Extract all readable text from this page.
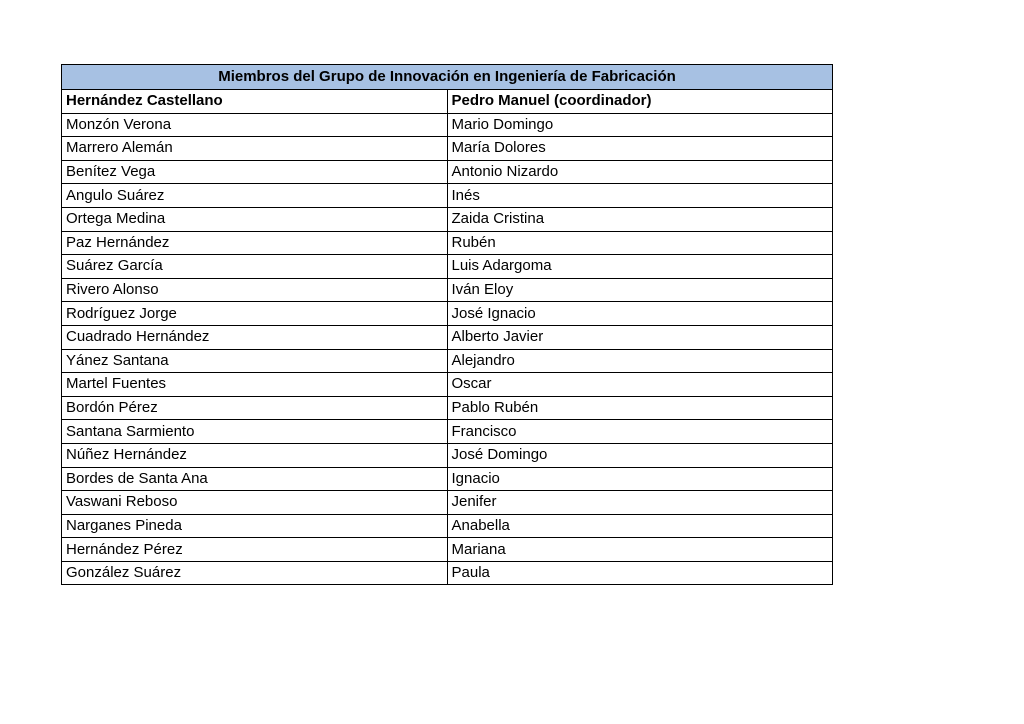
Miembros del Grupo de Innovación en Ingeniería de Fabricación	
Hernández Castellano	Pedro Manuel (coordinador)
Monzón Verona	Mario Domingo
Marrero Alemán	María Dolores
Benítez Vega	Antonio Nizardo
Angulo Suárez	Inés
Ortega Medina	Zaida Cristina
Paz Hernández	Rubén
Suárez García	Luis Adargoma
Rivero Alonso	Iván Eloy
Rodríguez Jorge	José Ignacio
Cuadrado Hernández	Alberto Javier
Yánez Santana	Alejandro
Martel Fuentes	Oscar
Bordón Pérez	Pablo Rubén
Santana Sarmiento	Francisco
Núñez Hernández	José Domingo
Bordes de Santa Ana	Ignacio
Vaswani Reboso	Jenifer
Narganes Pineda	Anabella
Hernández Pérez	Mariana
González Suárez	Paula
